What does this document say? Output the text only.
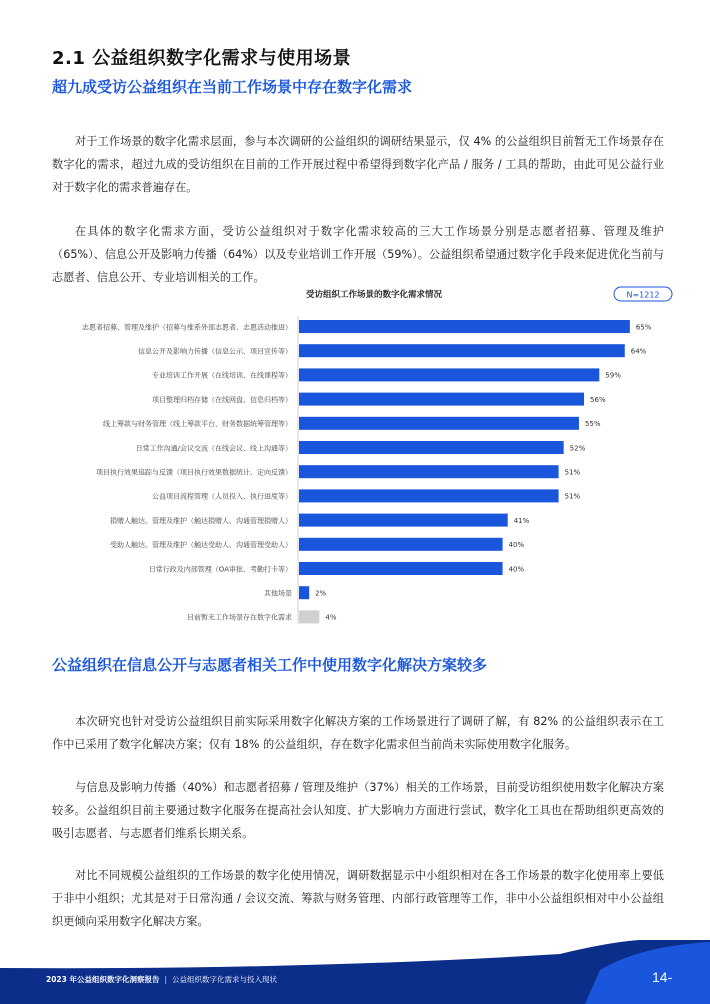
2.1 公益组织数字化需求与使用场景
超九成受访公益组织在当前工作场景中存在数字化需求

对于工作场景的数字化需求层面，参与本次调研的公益组织的调研结果显示，仅 4% 的公益组织目前暂无工作场景存在数字化的需求，超过九成的受访组织在目前的工作开展过程中希望得到数字化产品 / 服务 / 工具的帮助，由此可见公益行业对于数字化的需求普遍存在。

在具体的数字化需求方面，受访公益组织对于数字化需求较高的三大工作场景分别是志愿者招募、管理及维护（65%）、信息公开及影响力传播（64%）以及专业培训工作开展（59%）。公益组织希望通过数字化手段来促进优化当前与志愿者、信息公开、专业培训相关的工作。

受访组织工作场景的数字化需求情况	N=1212
志愿者招募、管理及维护（招募与维系外部志愿者、志愿活动推进）	65%
信息公开及影响力传播（信息公示、项目宣传等）	64%
专业培训工作开展（在线培训、在线课程等）	59%
项目整理归档存储（在线网盘、信息归档等）	56%
线上筹款与财务管理（线上筹款平台、财务数据统筹管理等）	55%
日常工作沟通/会议交流（在线会议、线上沟通等）	52%
项目执行效果追踪与反馈（项目执行效果数据统计、定向反馈）	51%
公益项目流程管理（人员投入、执行进度等）	51%
捐赠人触达、管理及维护（触达捐赠人、沟通管理捐赠人）	41%
受助人触达、管理及维护（触达受助人、沟通管理受助人）	40%
日常行政及内部管理（OA审批、考勤打卡等）	40%
其他场景	2%
目前暂无工作场景存在数字化需求	4%
公益组织在信息公开与志愿者相关工作中使用数字化解决方案较多

本次研究也针对受访公益组织目前实际采用数字化解决方案的工作场景进行了调研了解，有 82% 的公益组织表示在工作中已采用了数字化解决方案；仅有 18% 的公益组织，存在数字化需求但当前尚未实际使用数字化服务。

与信息及影响力传播（40%）和志愿者招募 / 管理及维护（37%）相关的工作场景，目前受访组织使用数字化解决方案较多。公益组织目前主要通过数字化服务在提高社会认知度、扩大影响力方面进行尝试，数字化工具也在帮助组织更高效的吸引志愿者、与志愿者们维系长期关系。

对比不同规模公益组织的工作场景的数字化使用情况，调研数据显示中小组织相对在各工作场景的数字化使用率上要低于非中小组织；尤其是对于日常沟通 / 会议交流、筹款与财务管理、内部行政管理等工作，非中小公益组织相对中小公益组织更倾向采用数字化解决方案。

2023 年公益组织数字化洞察报告 | 公益组织数字化需求与投入现状	14-
